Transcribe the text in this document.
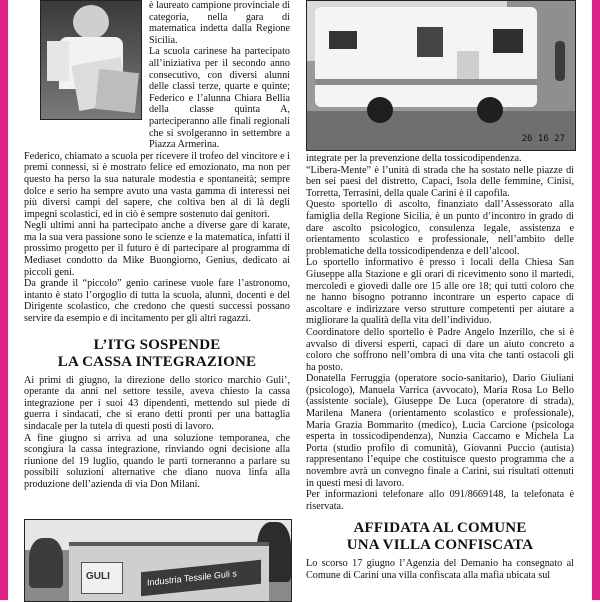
è laureato campione provinciale di categoria, nella gara di matematica indetta dalla Regione Sicilia.

La scuola carinese ha partecipato all’iniziativa per il secondo anno consecutivo, con diversi alunni delle classi terze, quarte e quinte; Federico e l’alunna Chiara Bellia della classe quinta A, parteciperanno alle finali regionali che si svolgeranno in settembre a Piazza Armerina.

Federico, chiamato a scuola per ricevere il trofeo del vincitore e i premi connessi, si è mostrato felice ed emozionato, ma non per questo ha perso la sua naturale modestia e spontaneità; sempre dolce e serio ha sempre avuto una vasta gamma di interessi nei più diversi campi del sapere, che coltiva ben al di là degli impegni scolastici, ed in ciò è sempre sostenuto dai genitori.

Negli ultimi anni ha partecipato anche a diverse gare di karate, ma la sua vera passione sono le scienze e la matematica, infatti il prossimo progetto per il futuro è di partecipare al programma di Mediaset condotto da Mike Buongiorno, Genius, dedicato ai piccoli geni.

Da grande il “piccolo” genio carinese vuole fare l’astronomo, intanto è stato l’orgoglio di tutta la scuola, alunni, docenti e del Dirigente scolastico, che credono che questi successi possano servire da esempio e di incitamento per gli altri ragazzi.

L’ITG SOSPENDE
LA CASSA INTEGRAZIONE

Ai primi di giugno, la direzione dello storico marchio Guli’, operante da anni nel settore tessile, aveva chiesto la cassa integrazione per i suoi 43 dipendenti, mettendo sul piede di guerra i sindacati, che si erano detti pronti per una battaglia sindacale per la tutela di questi posti di lavoro.

A fine giugno si arriva ad una soluzione temporanea, che scongiura la cassa integrazione, rinviando ogni decisione alla riunione del 19 luglio, quando le parti torneranno a parlare su possibili soluzioni alternative che diano nuova linfa alla produzione dell’azienda di via Don Milani.

GULI	Industria Tessile Guli s
26 16 27

integrate per la prevenzione della tossicodipendenza.

“Libera-Mente” è l’unità di strada che ha sostato nelle piazze di ben sei paesi del distretto, Capaci, Isola delle femmine, Cinisi, Torretta, Terrasini, della quale Carini è il capofila.

Questo sportello di ascolto, finanziato dall’Assessorato alla famiglia della Regione Sicilia, è un punto d’incontro in grado di dare ascolto psicologico, consulenza legale, assistenza e orientamento scolastico e professionale, nell’ambito delle problematiche della tossicodipendenza e dell’alcool.

Lo sportello informativo è presso i locali della Chiesa San Giuseppe alla Stazione e gli orari di ricevimento sono il martedi, mercoledi e giovedi dalle ore 15 alle ore 18; qui tutti coloro che ne hanno bisogno potranno incontrare un esperto capace di ascoltare e indirizzare verso strutture competenti per aiutare a migliorare la qualità della vita dell’individuo.

Coordinatore dello sportello è Padre Angelo Inzerillo, che si è avvalso di diversi esperti, capaci di dare un aiuto concreto a coloro che soffrono nell’ombra di una vita che tanti ostacoli gli ha posto.

Donatella Ferruggia (operatore socio-sanitario), Dario Giuliani (psicologo), Manuela Varrica (avvocato), Maria Rosa Lo Bello (assistente sociale), Giuseppe De Luca (operatore di strada), Marilena Manera (orientamento scolastico e professionale), Maria Grazia Bommarito (medico), Lucia Carcione (psicologa esperta in tossicodipendenza), Nunzia Caccamo e Michela La Porta (studio profilo di comunità), Giovanni Puccio (autista) rappresentano l’equipe che costituisce questo programma che a novembre avrà un convegno finale a Carini, sui risultati ottenuti in questi mesi di lavoro.

Per informazioni telefonare allo 091/8669148, la telefonata è riservata.

AFFIDATA AL COMUNE
UNA VILLA CONFISCATA

Lo scorso 17 giugno l’Agenzia del Demanio ha consegnato al Comune di Carini una villa confiscata alla mafia ubicata sul
